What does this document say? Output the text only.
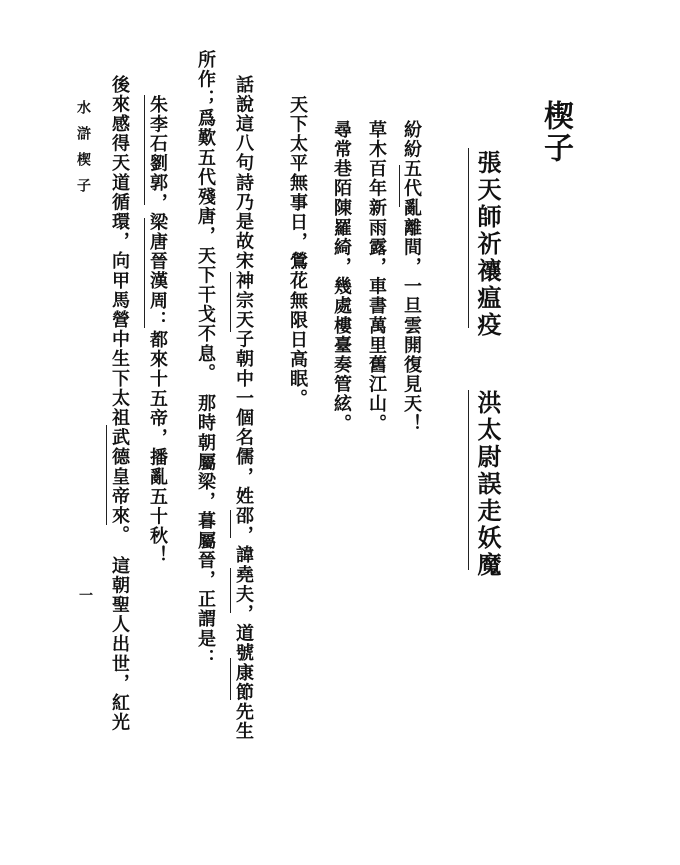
楔子
張天師祈禳瘟疫
洪太尉誤走妖魔
紛紛五代亂離間，一旦雲開復見天！
草木百年新雨露，車書萬里舊江山。
尋常巷陌陳羅綺，幾處樓臺奏管絃。
天下太平無事日，鶯花無限日高眠。
話說這八句詩乃是故宋神宗天子朝中一個名儒，姓邵，諱堯夫，道號康節先生
所作；爲歎五代殘唐，天下干戈不息。　那時朝屬梁，暮屬晉，正謂是：
朱李石劉郭，梁唐晉漢周：都來十五帝，播亂五十秋！
後來感得天道循環，向甲馬營中生下太祖武德皇帝來。　這朝聖人出世，紅光
水滸楔子
一
